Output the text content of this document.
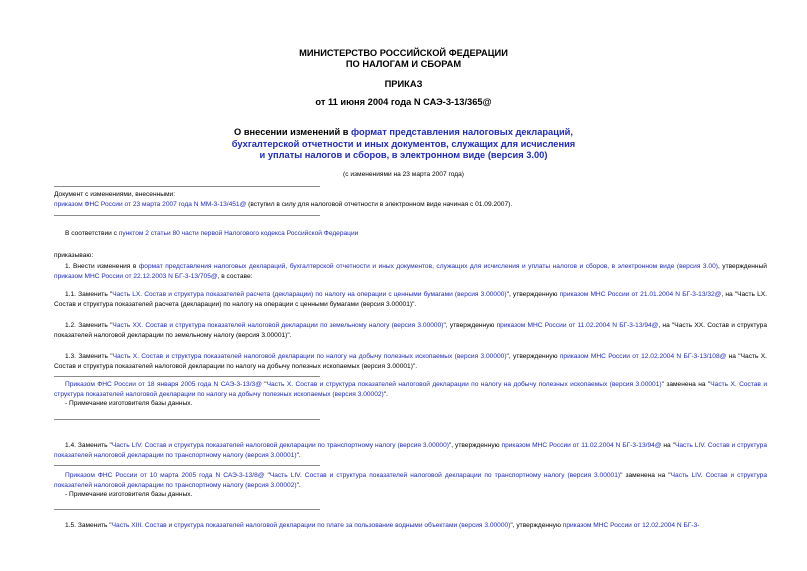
МИНИСТЕРСТВО РОССИЙСКОЙ ФЕДЕРАЦИИ
ПО НАЛОГАМ И СБОРАМ
ПРИКАЗ
от 11 июня 2004 года N САЭ-3-13/365@
О внесении изменений в формат представления налоговых деклараций,
бухгалтерской отчетности и иных документов, служащих для исчисления
и уплаты налогов и сборов, в электронном виде (версия 3.00)
(с изменениями на 23 марта 2007 года)
Документ с изменениями, внесенными:
приказом ФНС России от 23 марта 2007 года N ММ-3-13/451@ (вступил в силу для налоговой отчетности в электронном виде начиная с 01.09.2007).
В соответствии с пунктом 2 статьи 80 части первой Налогового кодекса Российской Федерации
приказываю:
1. Внести изменения в формат представления налоговых деклараций, бухгалтерской отчетности и иных документов, служащих для исчисления и уплаты налогов и сборов, в электронном виде (версия 3.00), утвержденный приказом МНС России от 22.12.2003 N БГ-3-13/705@, в составе:
1.1. Заменить "Часть LX. Состав и структура показателей расчета (декларации) по налогу на операции с ценными бумагами (версия 3.00000)", утвержденную приказом МНС России от 21.01.2004 N БГ-3-13/32@, на "Часть LX. Состав и структура показателей расчета (декларации) по налогу на операции с ценными бумагами (версия 3.00001)".
1.2. Заменить "Часть XX. Состав и структура показателей налоговой декларации по земельному налогу (версия 3.00000)", утвержденную приказом МНС России от 11.02.2004 N БГ-3-13/94@, на "Часть XX. Состав и структура показателей налоговой декларации по земельному налогу (версия 3.00001)".
1.3. Заменить "Часть X. Состав и структура показателей налоговой декларации по налогу на добычу полезных ископаемых (версия 3.00000)", утвержденную приказом МНС России от 12.02.2004 N БГ-3-13/108@ на "Часть X. Состав и структура показателей налоговой декларации по налогу на добычу полезных ископаемых (версия 3.00001)".
Приказом ФНС России от 18 января 2005 года N САЭ-3-13/3@ "Часть X. Состав и структура показателей налоговой декларации по налогу на добычу полезных ископаемых (версия 3.00001)" заменена на "Часть X. Состав и структура показателей налоговой декларации по налогу на добычу полезных ископаемых (версия 3.00002)".
- Примечание изготовителя базы данных.
1.4. Заменить "Часть LIV. Состав и структура показателей налоговой декларации по транспортному налогу (версия 3.00000)", утвержденную приказом МНС России от 11.02.2004 N БГ-3-13/94@ на "Часть LIV. Состав и структура показателей налоговой декларации по транспортному налогу (версия 3.00001)".
Приказом ФНС России от 10 марта 2005 года N САЭ-3-13/8@ "Часть LIV. Состав и структура показателей налоговой декларации по транспортному налогу (версия 3.00001)" заменена на "Часть LIV. Состав и структура показателей налоговой декларации по транспортному налогу (версия 3.00002)".
- Примечание изготовителя базы данных.
1.5. Заменить "Часть XIII. Состав и структура показателей налоговой декларации по плате за пользование водными объектами (версия 3.00000)", утвержденную приказом МНС России от 12.02.2004 N БГ-3-
